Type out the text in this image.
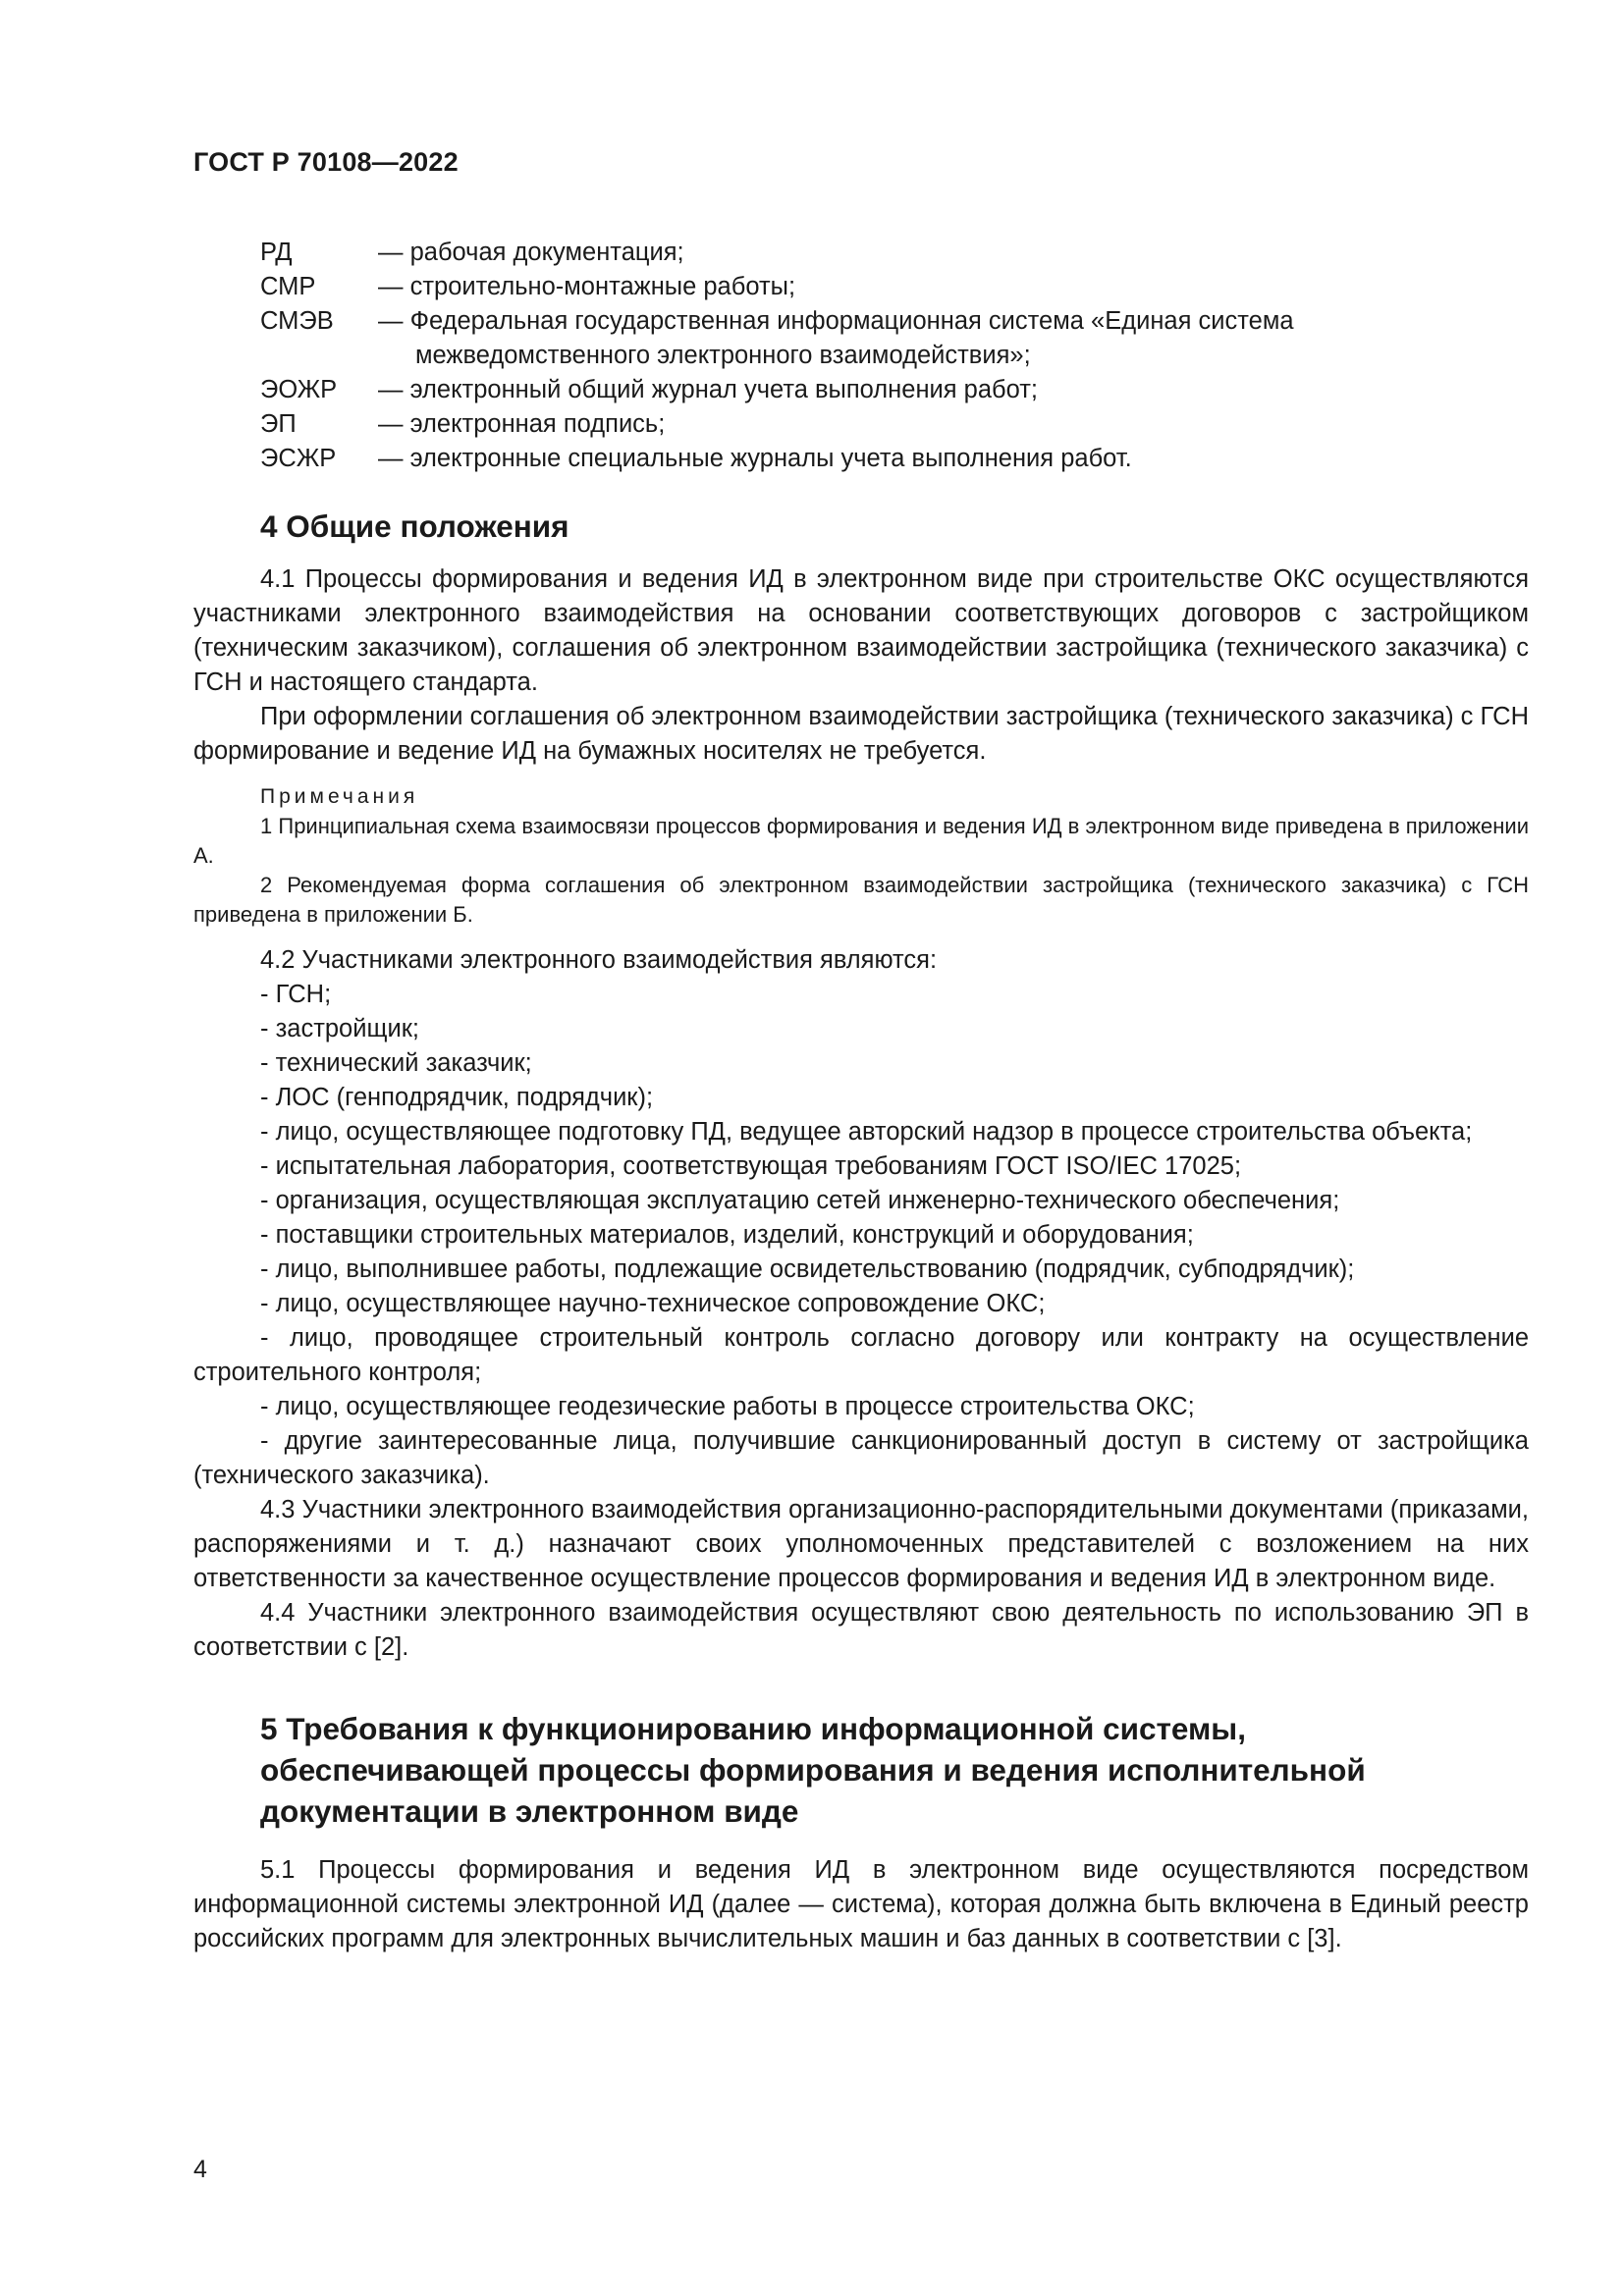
ГОСТ Р 70108—2022
РД	— рабочая документация;
СМР	— строительно-монтажные работы;
СМЭВ — Федеральная государственная информационная система «Единая система межведомственного электронного взаимодействия»;
ЭОЖР — электронный общий журнал учета выполнения работ;
ЭП	— электронная подпись;
ЭСЖР — электронные специальные журналы учета выполнения работ.
4 Общие положения

4.1 Процессы формирования и ведения ИД в электронном виде при строительстве ОКС осуществляются участниками электронного взаимодействия на основании соответствующих договоров с застройщиком (техническим заказчиком), соглашения об электронном взаимодействии застройщика (технического заказчика) с ГСН и настоящего стандарта.

При оформлении соглашения об электронном взаимодействии застройщика (технического заказчика) с ГСН формирование и ведение ИД на бумажных носителях не требуется.

Примечания

1 Принципиальная схема взаимосвязи процессов формирования и ведения ИД в электронном виде приведена в приложении А.

2 Рекомендуемая форма соглашения об электронном взаимодействии застройщика (технического заказчика) с ГСН приведена в приложении Б.

4.2 Участниками электронного взаимодействия являются:

- ГСН;

- застройщик;

- технический заказчик;

- ЛОС (генподрядчик, подрядчик);

- лицо, осуществляющее подготовку ПД, ведущее авторский надзор в процессе строительства объекта;

- испытательная лаборатория, соответствующая требованиям ГОСТ ISO/IEC 17025;

- организация, осуществляющая эксплуатацию сетей инженерно-технического обеспечения;

- поставщики строительных материалов, изделий, конструкций и оборудования;

- лицо, выполнившее работы, подлежащие освидетельствованию (подрядчик, субподрядчик);

- лицо, осуществляющее научно-техническое сопровождение ОКС;

- лицо, проводящее строительный контроль согласно договору или контракту на осуществление строительного контроля;

- лицо, осуществляющее геодезические работы в процессе строительства ОКС;

- другие заинтересованные лица, получившие санкционированный доступ в систему от застройщика (технического заказчика).

4.3 Участники электронного взаимодействия организационно-распорядительными документами (приказами, распоряжениями и т. д.) назначают своих уполномоченных представителей с возложением на них ответственности за качественное осуществление процессов формирования и ведения ИД в электронном виде.

4.4 Участники электронного взаимодействия осуществляют свою деятельность по использованию ЭП в соответствии с [2].

5 Требования к функционированию информационной системы, обеспечивающей процессы формирования и ведения исполнительной документации в электронном виде

5.1 Процессы формирования и ведения ИД в электронном виде осуществляются посредством информационной системы электронной ИД (далее — система), которая должна быть включена в Единый реестр российских программ для электронных вычислительных машин и баз данных в соответствии с [3].

4
